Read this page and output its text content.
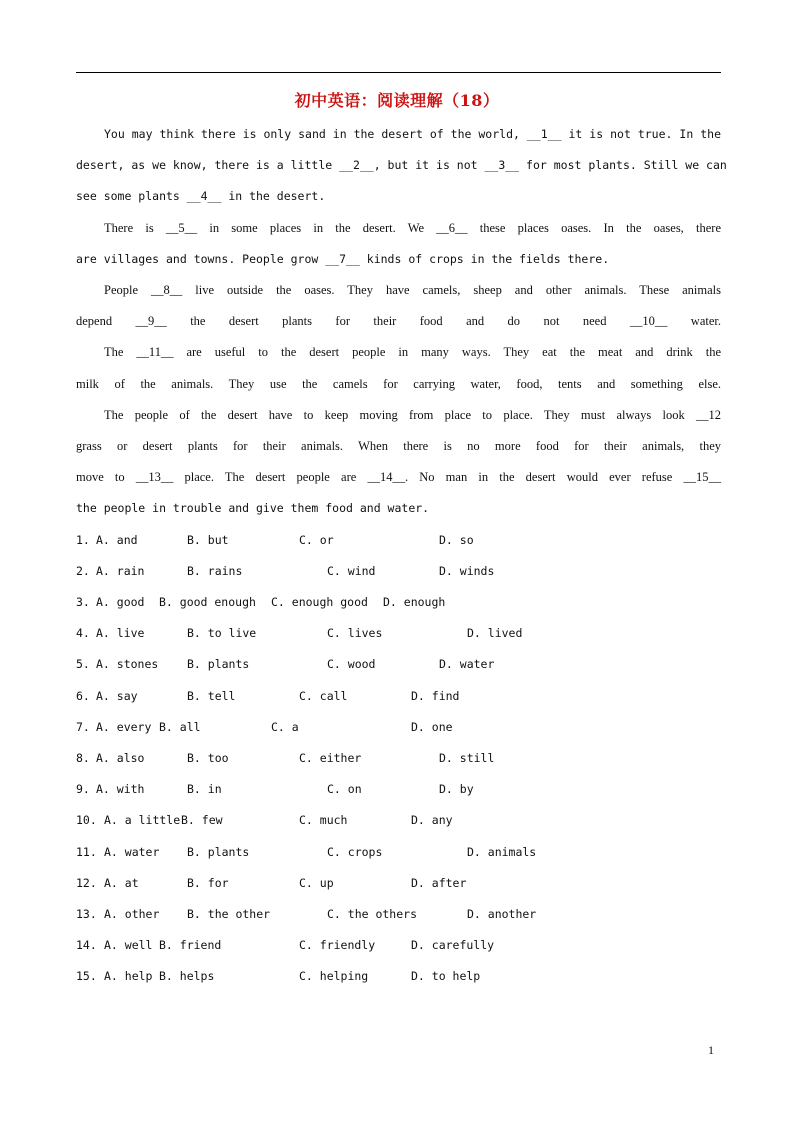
初中英语：阅读理解（18）
You may think there is only sand in the desert of the world, __1__ it is not true. In the
desert, as we know, there is a little __2__, but it is not __3__ for most plants. Still we can
see some plants __4__ in the desert.
There is __5__ in some places in the desert. We __6__ these places oases. In the oases, there
are villages and towns. People grow __7__ kinds of crops in the fields there.
People __8__ live outside the oases. They have camels, sheep and other animals. These animals
depend __9__ the desert plants for their food and do not need __10__ water.
The __11__ are useful to the desert people in many ways. They eat the meat and drink the
milk of the animals. They use the camels for carrying water, food, tents and something else.
The people of the desert have to keep moving from place to place. They must always look __12
grass or desert plants for their animals. When there is no more food for their animals, they
move to __13__ place. The desert people are __14__. No man in the desert would ever refuse __15__
the people in trouble and give them food and water.
1. A. and	B. but	C. or	D. so
2. A. rain	B. rains	C. wind	D. winds
3. A. good B. good enough C. enough good D. enough
4. A. live	B. to live	C. lives	D. lived
5. A. stones B. plants	C. wood	D. water
6. A. say	B. tell	C. call	D. find
7. A. every B. all	C. a	D. one
8. A. also	B. too	C. either	D. still
9. A. with	B. in	C. on	D. by
10. A. a little B. few	C. much	D. any
11. A. water B. plants	C. crops	D. animals
12. A. at	B. for	C. up	D. after
13. A. other B. the other	C. the others	D. another
14. A. well B. friend	C. friendly	D. carefully
15. A. help B. helps	C. helping	D. to help
1
